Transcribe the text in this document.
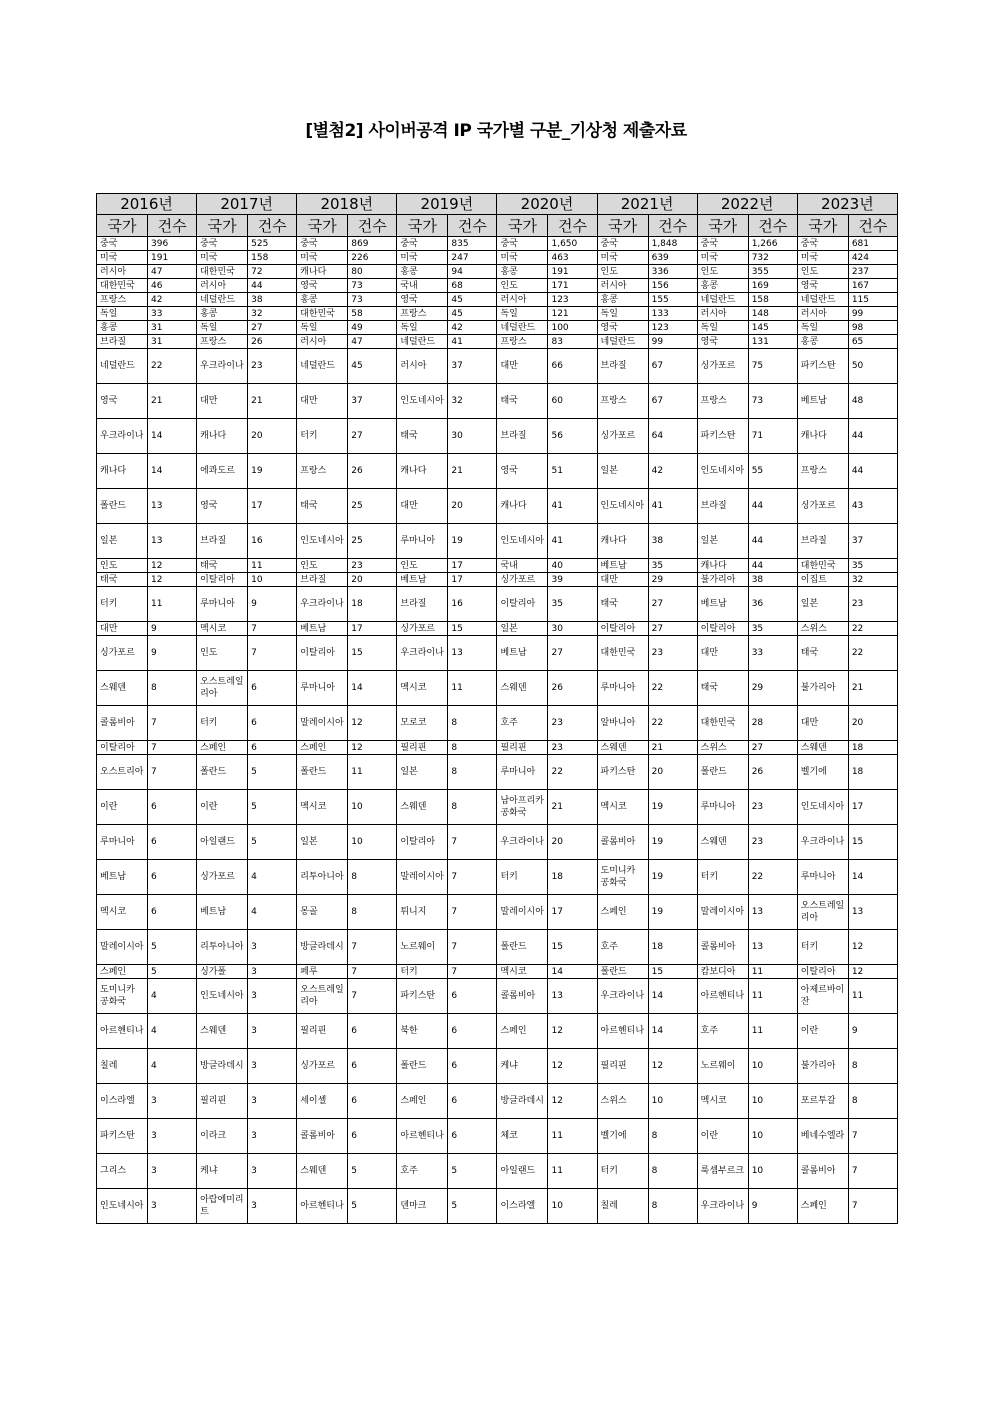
[별첨2] 사이버공격 IP 국가별 구분_기상청 제출자료
2016년		2017년		2018년		2019년		2020년		2021년		2022년		2023년	
국가	건수	국가	건수	국가	건수	국가	건수	국가	건수	국가	건수	국가	건수	국가	건수
중국	396	중국	525	중국	869	중국	835	중국	1,650	중국	1,848	중국	1,266	중국	681
미국	191	미국	158	미국	226	미국	247	미국	463	미국	639	미국	732	미국	424
러시아	47	대한민국	72	캐나다	80	홍콩	94	홍콩	191	인도	336	인도	355	인도	237
대한민국	46	러시아	44	영국	73	국내	68	인도	171	러시아	156	홍콩	169	영국	167
프랑스	42	네덜란드	38	홍콩	73	영국	45	러시아	123	홍콩	155	네덜란드	158	네덜란드	115
독일	33	홍콩	32	대한민국	58	프랑스	45	독일	121	독일	133	러시아	148	러시아	99
홍콩	31	독일	27	독일	49	독일	42	네덜란드	100	영국	123	독일	145	독일	98
브라질	31	프랑스	26	러시아	47	네덜란드	41	프랑스	83	네덜란드	99	영국	131	홍콩	65
네덜란드	22	우크라이나	23	네덜란드	45	러시아	37	대만	66	브라질	67	싱가포르	75	파키스탄	50
영국	21	대만	21	대만	37	인도네시아	32	태국	60	프랑스	67	프랑스	73	베트남	48
우크라이나	14	캐나다	20	터키	27	태국	30	브라질	56	싱가포르	64	파키스탄	71	캐나다	44
캐나다	14	에콰도르	19	프랑스	26	캐나다	21	영국	51	일본	42	인도네시아	55	프랑스	44
폴란드	13	영국	17	태국	25	대만	20	캐나다	41	인도네시아	41	브라질	44	싱가포르	43
일본	13	브라질	16	인도네시아	25	루마니아	19	인도네시아	41	캐나다	38	일본	44	브라질	37
인도	12	태국	11	인도	23	인도	17	국내	40	베트남	35	캐나다	44	대한민국	35
태국	12	이탈리아	10	브라질	20	베트남	17	싱가포르	39	대만	29	불가리아	38	이집트	32
터키	11	루마니아	9	우크라이나	18	브라질	16	이탈리아	35	태국	27	베트남	36	일본	23
대만	9	멕시코	7	베트남	17	싱가포르	15	일본	30	이탈리아	27	이탈리아	35	스위스	22
싱가포르	9	인도	7	이탈리아	15	우크라이나	13	베트남	27	대한민국	23	대만	33	태국	22
스웨덴	8	오스트레일리아	6	루마니아	14	멕시코	11	스웨덴	26	루마니아	22	태국	29	불가리아	21
콜롬비아	7	터키	6	말레이시아	12	모로코	8	호주	23	알바니아	22	대한민국	28	대만	20
이탈리아	7	스페인	6	스페인	12	필리핀	8	필리핀	23	스웨덴	21	스위스	27	스웨덴	18
오스트리아	7	폴란드	5	폴란드	11	일본	8	루마니아	22	파키스탄	20	폴란드	26	벨기에	18
이란	6	이란	5	멕시코	10	스웨덴	8	남아프리카 공화국	21	멕시코	19	루마니아	23	인도네시아	17
루마니아	6	아일랜드	5	일본	10	이탈리아	7	우크라이나	20	콜롬비아	19	스웨덴	23	우크라이나	15
베트남	6	싱가포르	4	리투아니아	8	말레이시아	7	터키	18	도미니카 공화국	19	터키	22	루마니아	14
멕시코	6	베트남	4	몽골	8	튀니지	7	말레이시아	17	스페인	19	말레이시아	13	오스트레일리아	13
말레이시아	5	리투아니아	3	방글라데시	7	노르웨이	7	폴란드	15	호주	18	콜롬비아	13	터키	12
스페인	5	싱가폴	3	페루	7	터키	7	멕시코	14	폴란드	15	캄보디아	11	이탈리아	12
도미니카 공화국	4	인도네시아	3	오스트레일리아	7	파키스탄	6	콜롬비아	13	우크라이나	14	아르헨티나	11	아제르바이잔	11
아르헨티나	4	스웨덴	3	필리핀	6	북한	6	스페인	12	아르헨티나	14	호주	11	이란	9
칠레	4	방글라데시	3	싱가포르	6	폴란드	6	케냐	12	필리핀	12	노르웨이	10	불가리아	8
이스라엘	3	필리핀	3	세이셸	6	스페인	6	방글라데시	12	스위스	10	멕시코	10	포르투갈	8
파키스탄	3	이라크	3	콜롬비아	6	아르헨티나	6	체코	11	벨기에	8	이란	10	베네수엘라	7
그리스	3	케냐	3	스웨덴	5	호주	5	아일랜드	11	터키	8	룩셈부르크	10	콜롬비아	7
인도네시아	3	아랍에미리트	3	아르헨티나	5	덴마크	5	이스라엘	10	칠레	8	우크라이나	9	스페인	7
